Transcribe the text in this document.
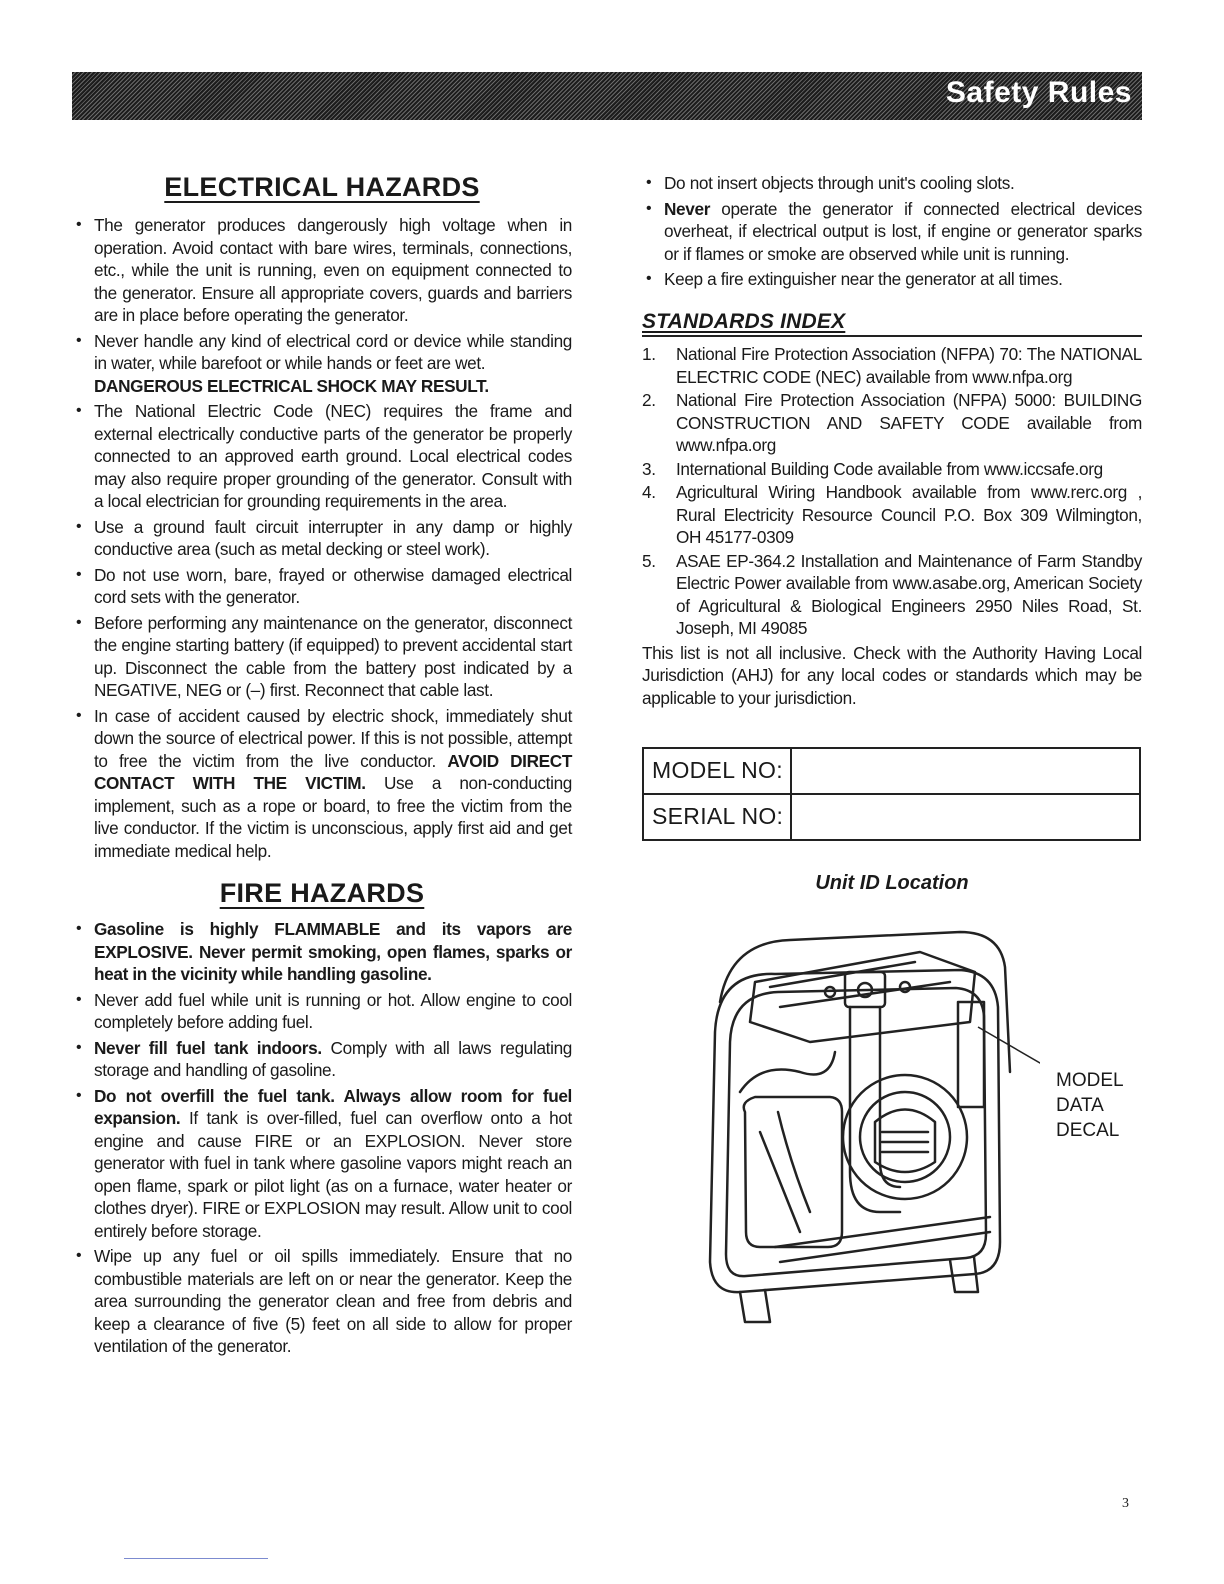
Safety Rules
ELECTRICAL HAZARDS
• The generator produces dangerously high voltage when in operation. Avoid contact with bare wires, terminals, connections, etc., while the unit is running, even on equipment connected to the generator. Ensure all appropriate covers, guards and barriers are in place before operating the generator.
• Never handle any kind of electrical cord or device while standing in water, while barefoot or while hands or feet are wet.
DANGEROUS ELECTRICAL SHOCK MAY RESULT.
• The National Electric Code (NEC) requires the frame and external electrically conductive parts of the generator be properly connected to an approved earth ground. Local electrical codes may also require proper grounding of the generator. Consult with a local electrician for grounding requirements in the area.
• Use a ground fault circuit interrupter in any damp or highly conductive area (such as metal decking or steel work).
• Do not use worn, bare, frayed or otherwise damaged electrical cord sets with the generator.
• Before performing any maintenance on the generator, disconnect the engine starting battery (if equipped) to prevent accidental start up. Disconnect the cable from the battery post indicated by a NEGATIVE, NEG or (–) first. Reconnect that cable last.
• In case of accident caused by electric shock, immediately shut down the source of electrical power. If this is not possible, attempt to free the victim from the live conductor. AVOID DIRECT CONTACT WITH THE VICTIM. Use a non-conducting implement, such as a rope or board, to free the victim from the live conductor. If the victim is unconscious, apply first aid and get immediate medical help.
FIRE HAZARDS
• Gasoline is highly FLAMMABLE and its vapors are EXPLOSIVE. Never permit smoking, open flames, sparks or heat in the vicinity while handling gasoline.
• Never add fuel while unit is running or hot. Allow engine to cool completely before adding fuel.
• Never fill fuel tank indoors. Comply with all laws regulating storage and handling of gasoline.
• Do not overfill the fuel tank. Always allow room for fuel expansion. If tank is over-filled, fuel can overflow onto a hot engine and cause FIRE or an EXPLOSION. Never store generator with fuel in tank where gasoline vapors might reach an open flame, spark or pilot light (as on a furnace, water heater or clothes dryer). FIRE or EXPLOSION may result. Allow unit to cool entirely before storage.
• Wipe up any fuel or oil spills immediately. Ensure that no combustible materials are left on or near the generator. Keep the area surrounding the generator clean and free from debris and keep a clearance of five (5) feet on all side to allow for proper ventilation of the generator.
• Do not insert objects through unit's cooling slots.
• Never operate the generator if connected electrical devices overheat, if electrical output is lost, if engine or generator sparks or if flames or smoke are observed while unit is running.
• Keep a fire extinguisher near the generator at all times.
STANDARDS INDEX
1. National Fire Protection Association (NFPA) 70: The NATIONAL ELECTRIC CODE (NEC) available from www.nfpa.org
2. National Fire Protection Association (NFPA) 5000: BUILDING CONSTRUCTION AND SAFETY CODE available from www.nfpa.org
3. International Building Code available from www.iccsafe.org
4. Agricultural Wiring Handbook available from www.rerc.org , Rural Electricity Resource Council P.O. Box 309 Wilmington, OH 45177-0309
5. ASAE EP-364.2 Installation and Maintenance of Farm Standby Electric Power available from www.asabe.org, American Society of Agricultural & Biological Engineers 2950 Niles Road, St. Joseph, MI 49085

This list is not all inclusive. Check with the Authority Having Local Jurisdiction (AHJ) for any local codes or standards which may be applicable to your jurisdiction.

MODEL NO:
SERIAL NO:
Unit ID Location
MODEL
DATA
DECAL
3
